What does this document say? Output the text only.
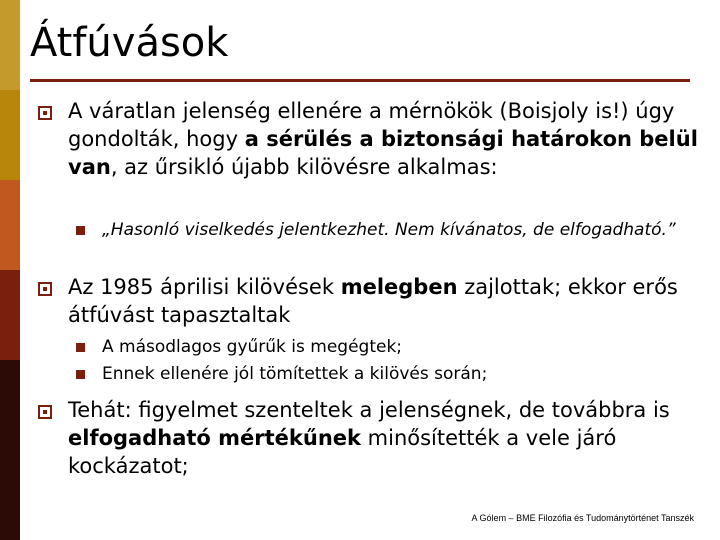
Átfúvások
A váratlan jelenség ellenére a mérnökök (Boisjoly is!) úgy gondolták, hogy a sérülés a biztonsági határokon belül van, az űrsikló újabb kilövésre alkalmas:
„Hasonló viselkedés jelentkezhet. Nem kívánatos, de elfogadható.”
Az 1985 áprilisi kilövések melegben zajlottak; ekkor erős átfúvást tapasztaltak
A másodlagos gyűrűk is megégtek;
Ennek ellenére jól tömítettek a kilövés során;
Tehát: figyelmet szenteltek a jelenségnek, de továbbra is elfogadható mértékűnek minősítették a vele járó kockázatot;
A Gólem – BME Filozófia és Tudománytörténet Tanszék
